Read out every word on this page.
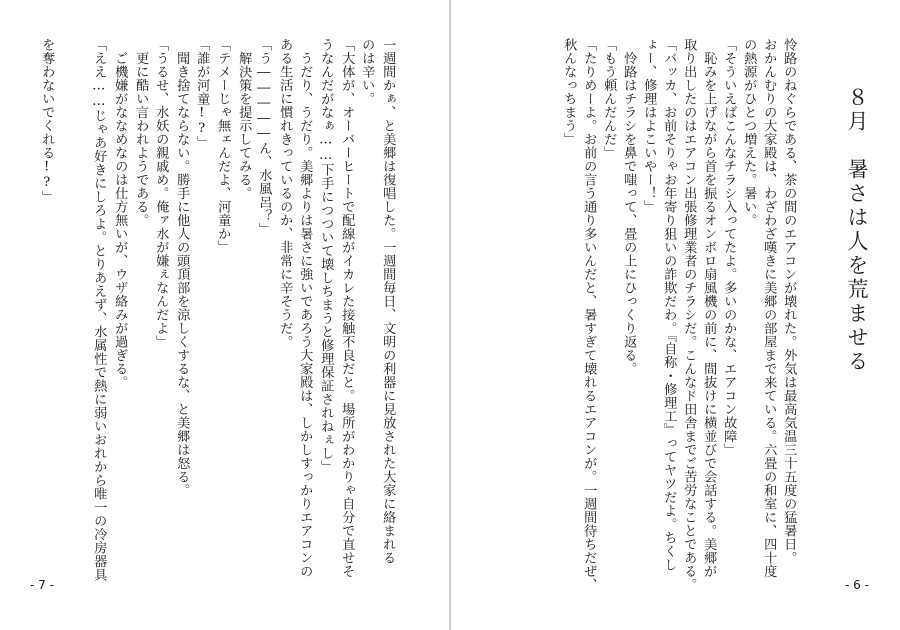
一週間かぁ、と美郷は復唱した。一週間毎日、文明の利器に見放された大家に絡まれる
のは辛い。
「大体が、オーバーヒートで配線がイカレた接触不良だと。場所がわかりゃ自分で直せそ
うなんだがなぁ……下手につついて壊しちまうと修理保証されねぇし」
　うだり、うだり。美郷よりは暑さに強いであろう大家殿は、しかしすっかりエアコンの
ある生活に慣れきっているのか、非常に辛そうだ。
「う―――――ん、水風呂？」
　解決策を提示してみる。
「テメーじゃ無ェんだよ、河童か」
「誰が河童!?」
　聞き捨てならない。勝手に他人の頭頂部を涼しくするな、と美郷は怒る。
「うるせ、水妖の親戚め。俺ァ水が嫌ぇなんだよ」
　更に酷い言われようである。
　ご機嫌がななめなのは仕方無いが、ウザ絡みが過ぎる。
「ええ……じゃあ好きにしろよ。とりあえず、水属性で熱に弱いおれから唯一の冷房器具
を奪わないでくれる!?」
- 7 -
８月　暑さは人を荒ませる
怜路のねぐらである、茶の間のエアコンが壊れた。外気は最高気温三十五度の猛暑日。
おかんむりの大家殿は、わざわざ嘆きに美郷の部屋まで来ている。六畳の和室に、四十度
の熱源がひとつ増えた。暑い。
「そういえばこんなチラシ入ってたよ。多いのかな、エアコン故障」
　恥みを上げながら首を振るオンボロ扇風機の前に、間抜けに横並びで会話する。美郷が
取り出したのはエアコン出張修理業者のチラシだ。こんなド田舎までご苦労なことである。
「バッカ、お前そりゃお年寄り狙いの詐欺だわ。『自称・修理工』ってヤツだよ。ちくし
ょー、修理はよこいやー！」
　怜路はチラシを鼻で嗤って、畳の上にひっくり返る。
「もう頼んだんだ」
「たりめーよ。お前の言う通り多いんだと、暑すぎて壊れるエアコンが。一週間待ちだぜ、
秋んなっちまう」
- 6 -
